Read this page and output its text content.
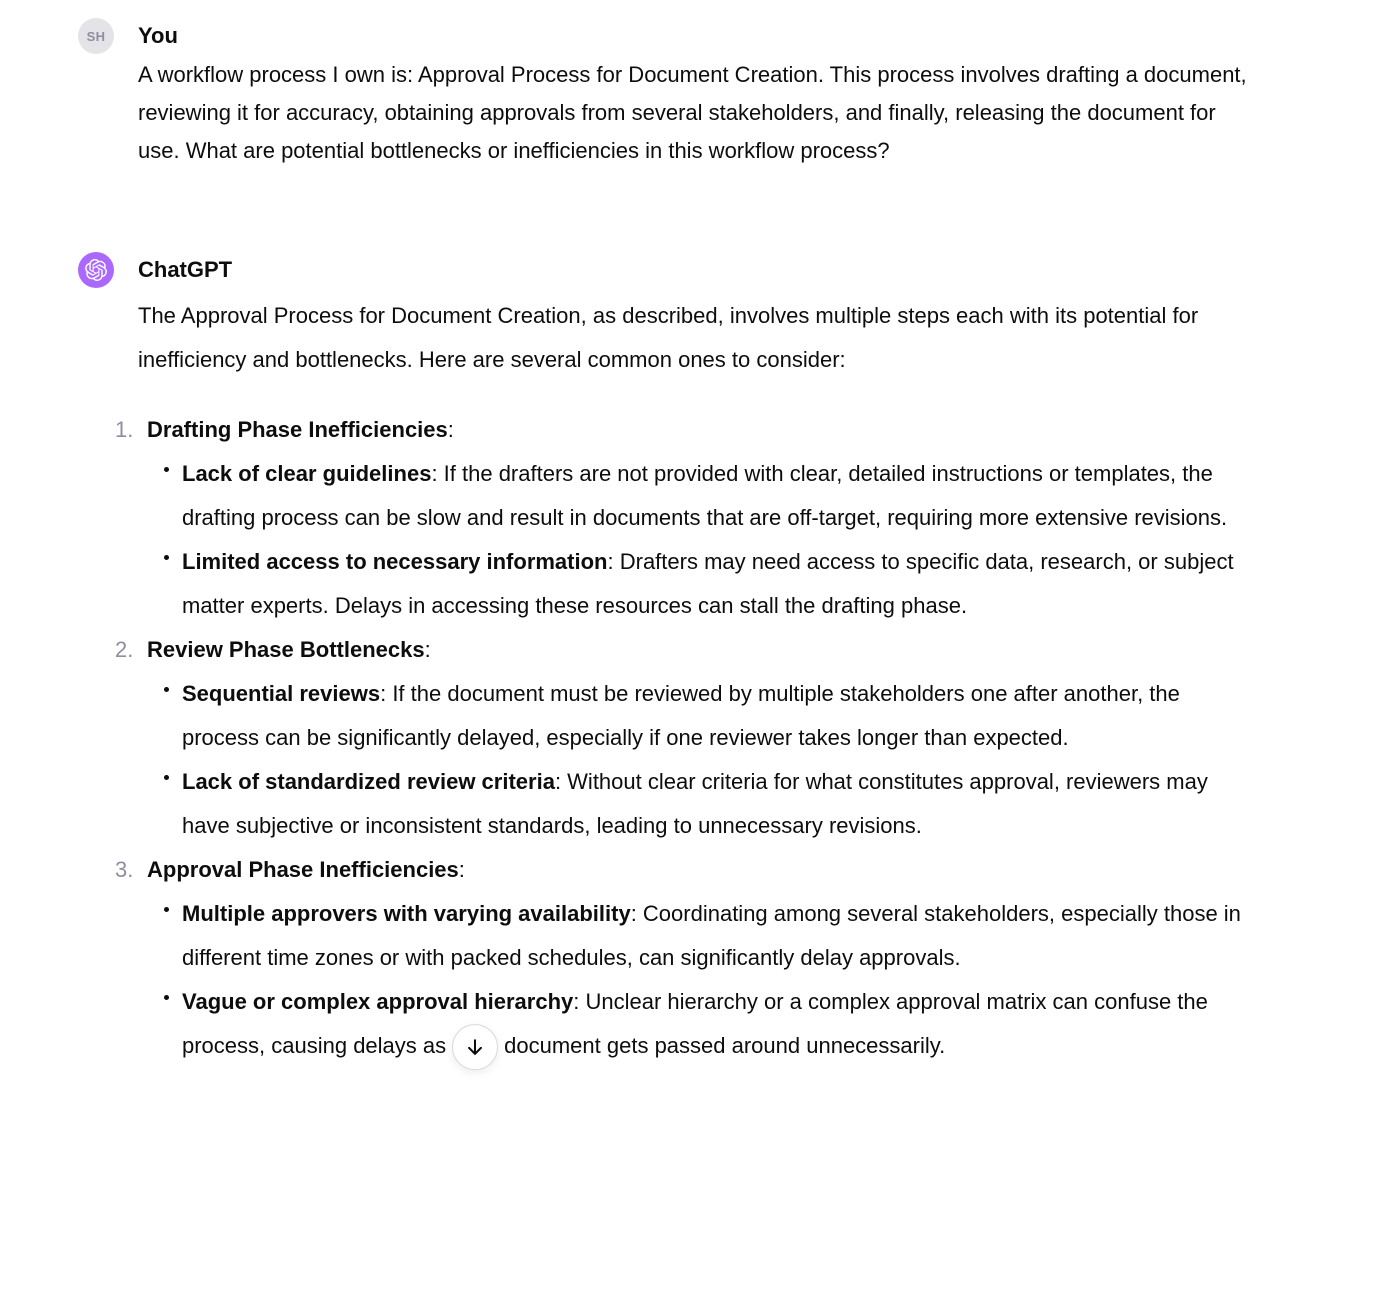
SH You

A workflow process I own is: Approval Process for Document Creation. This process involves drafting a document, reviewing it for accuracy, obtaining approvals from several stakeholders, and finally, releasing the document for use. What are potential bottlenecks or inefficiencies in this workflow process?

ChatGPT

The Approval Process for Document Creation, as described, involves multiple steps each with its potential for inefficiency and bottlenecks. Here are several common ones to consider:

1. Drafting Phase Inefficiencies:
Lack of clear guidelines: If the drafters are not provided with clear, detailed instructions or templates, the drafting process can be slow and result in documents that are off-target, requiring more extensive revisions.
Limited access to necessary information: Drafters may need access to specific data, research, or subject matter experts. Delays in accessing these resources can stall the drafting phase.
2. Review Phase Bottlenecks:
Sequential reviews: If the document must be reviewed by multiple stakeholders one after another, the process can be significantly delayed, especially if one reviewer takes longer than expected.
Lack of standardized review criteria: Without clear criteria for what constitutes approval, reviewers may have subjective or inconsistent standards, leading to unnecessary revisions.
3. Approval Phase Inefficiencies:
Multiple approvers with varying availability: Coordinating among several stakeholders, especially those in different time zones or with packed schedules, can significantly delay approvals.
Vague or complex approval hierarchy: Unclear hierarchy or a complex approval matrix can confuse the process, causing delays as	document gets passed around unnecessarily.
